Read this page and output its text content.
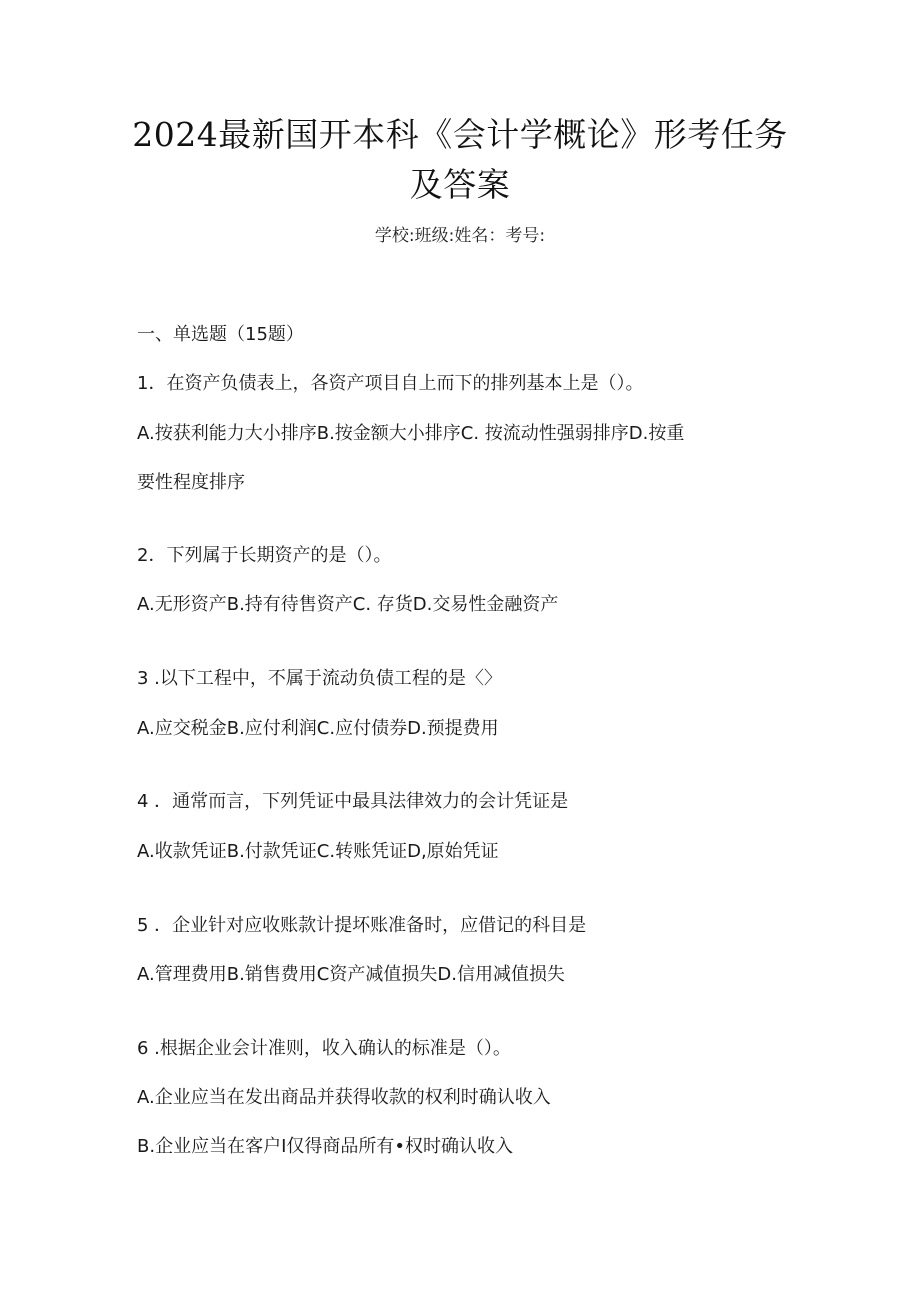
2024最新国开本科《会计学概论》形考任务
及答案
学校:班级:姓名：考号:
一、单选题（15题）
1．在资产负债表上，各资产项目自上而下的排列基本上是（）。
A.按获利能力大小排序B.按金额大小排序C. 按流动性强弱排序D.按重
要性程度排序
2．下列属于长期资产的是（）。
A.无形资产B.持有待售资产C. 存货D.交易性金融资产
3 .以下工程中，不属于流动负债工程的是〈〉
A.应交税金B.应付利润C.应付债券D.预提费用
4 ．通常而言，下列凭证中最具法律效力的会计凭证是
A.收款凭证B.付款凭证C.转账凭证D,原始凭证
5 ．企业针对应收账款计提坏账准备时，应借记的科目是
A.管理费用B.销售费用C资产减值损失D.信用减值损失
6 .根据企业会计准则，收入确认的标准是（）。
A.企业应当在发出商品并获得收款的权利时确认收入
B.企业应当在客户I仅得商品所有•权时确认收入
